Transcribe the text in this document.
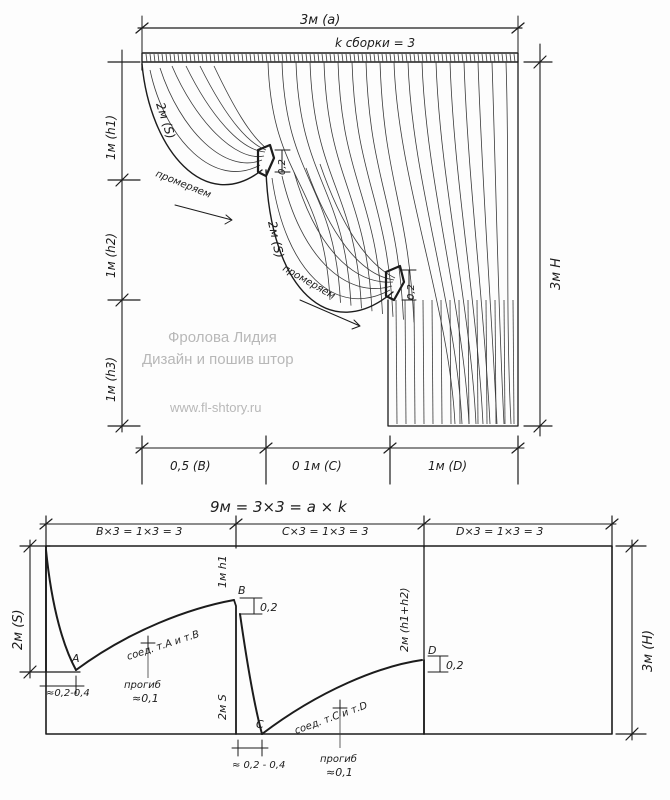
3м (a)
k сборки = 3
0,2
0,2
2м (S)
2м (S)
промеряем
промеряем
1м (h1)
1м (h2)
1м (h3)
3м H
0,5 (B)	0 1м (C)	1м (D)
Фролова Лидия
Дизайн и пошив штор
www.fl-shtory.ru
9м = 3×3 = a × k
B×3 = 1×3 = 3	C×3 = 1×3 = 3	D×3 = 1×3 = 3
A
B
C
D
0,2
0,2
1м h1
2м (h1+h2)
2м S
соед. т.А и т.В
соед. т.С и т.D
прогиб
≈0,1
прогиб
≈0,1
2м (S)
≈0,2-0,4
≈ 0,2 - 0,4
3м (H)
